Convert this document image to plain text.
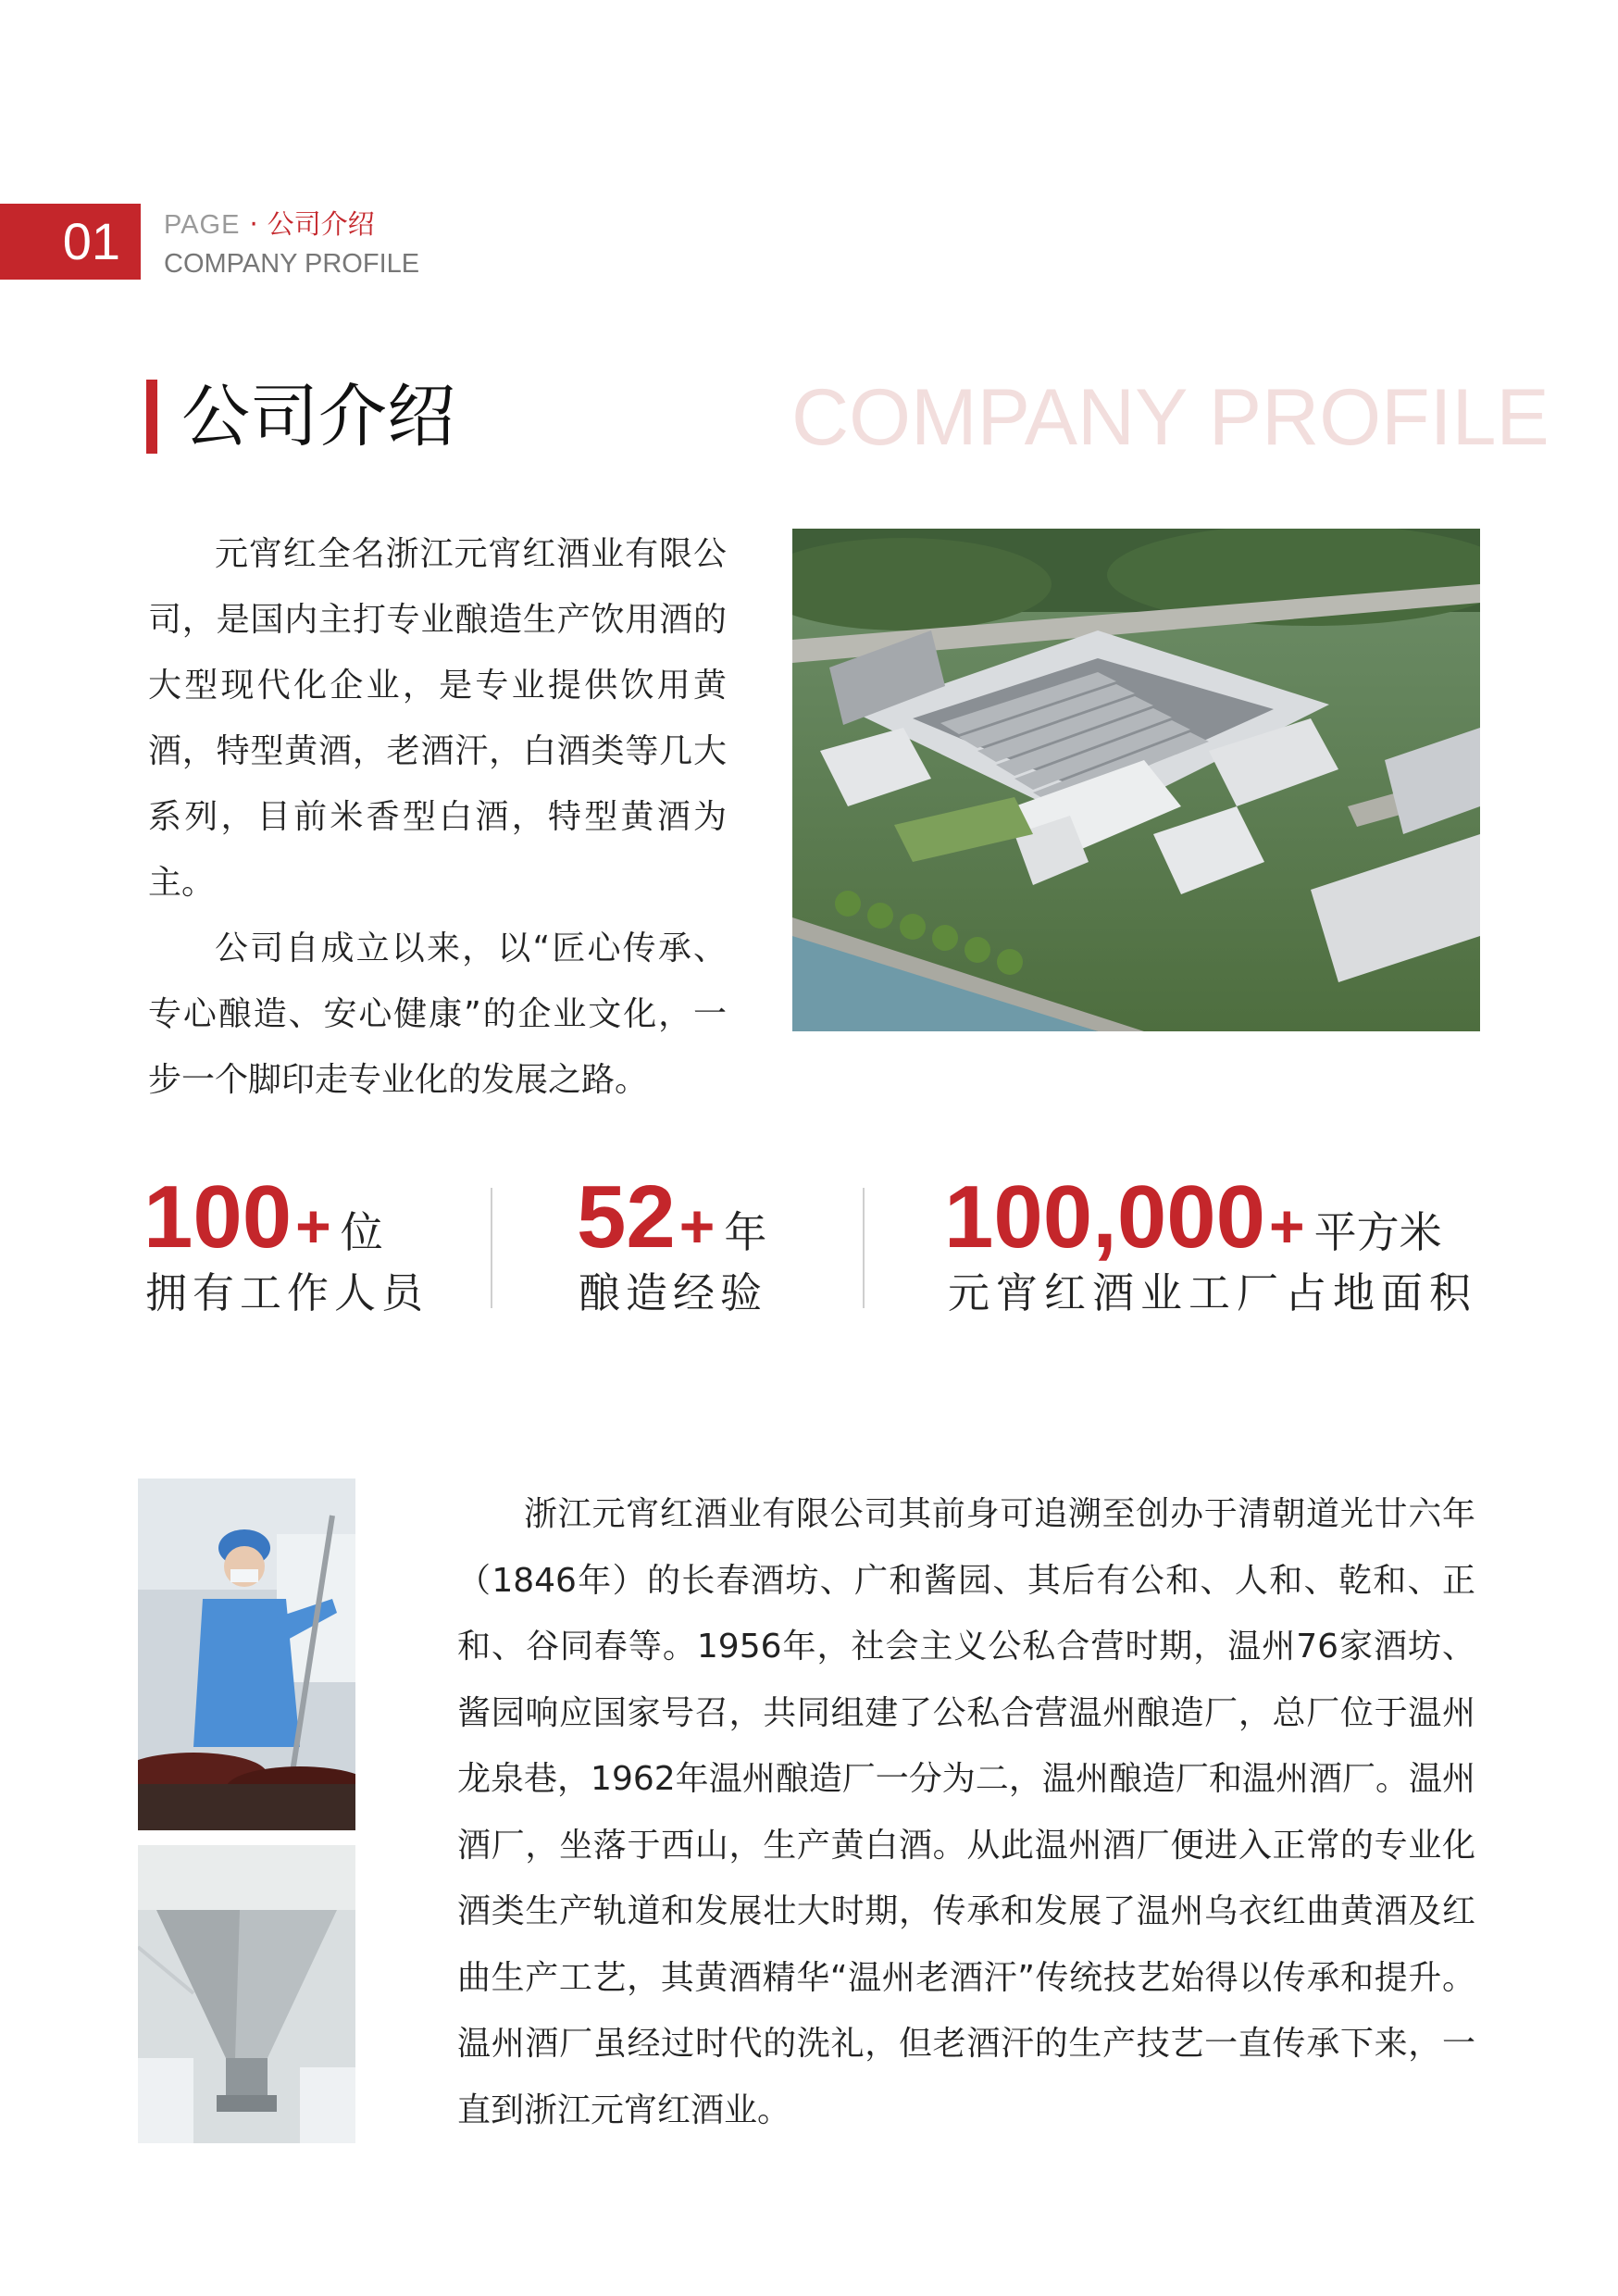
01	PAGE · 公司介绍
COMPANY PROFILE
公司介绍	COMPANY PROFILE

元宵红全名浙江元宵红酒业有限公司，是国内主打专业酿造生产饮用酒的大型现代化企业，是专业提供饮用黄酒，特型黄酒，老酒汗，白酒类等几大系列，目前米香型白酒，特型黄酒为主。

公司自成立以来，以“匠心传承、专心酿造、安心健康”的企业文化，一步一个脚印走专业化的发展之路。

100+ 位
拥有工作人员
52+ 年
酿造经验
100,000+ 平方米
元宵红酒业工厂占地面积

浙江元宵红酒业有限公司其前身可追溯至创办于清朝道光廿六年（1846年）的长春酒坊、广和酱园、其后有公和、人和、乾和、正和、谷同春等。1956年，社会主义公私合营时期，温州76家酒坊、酱园响应国家号召，共同组建了公私合营温州酿造厂，总厂位于温州龙泉巷，1962年温州酿造厂一分为二，温州酿造厂和温州酒厂。温州酒厂，坐落于西山，生产黄白酒。从此温州酒厂便进入正常的专业化酒类生产轨道和发展壮大时期，传承和发展了温州乌衣红曲黄酒及红曲生产工艺，其黄酒精华“温州老酒汗”传统技艺始得以传承和提升。温州酒厂虽经过时代的洗礼，但老酒汗的生产技艺一直传承下来，一直到浙江元宵红酒业。
